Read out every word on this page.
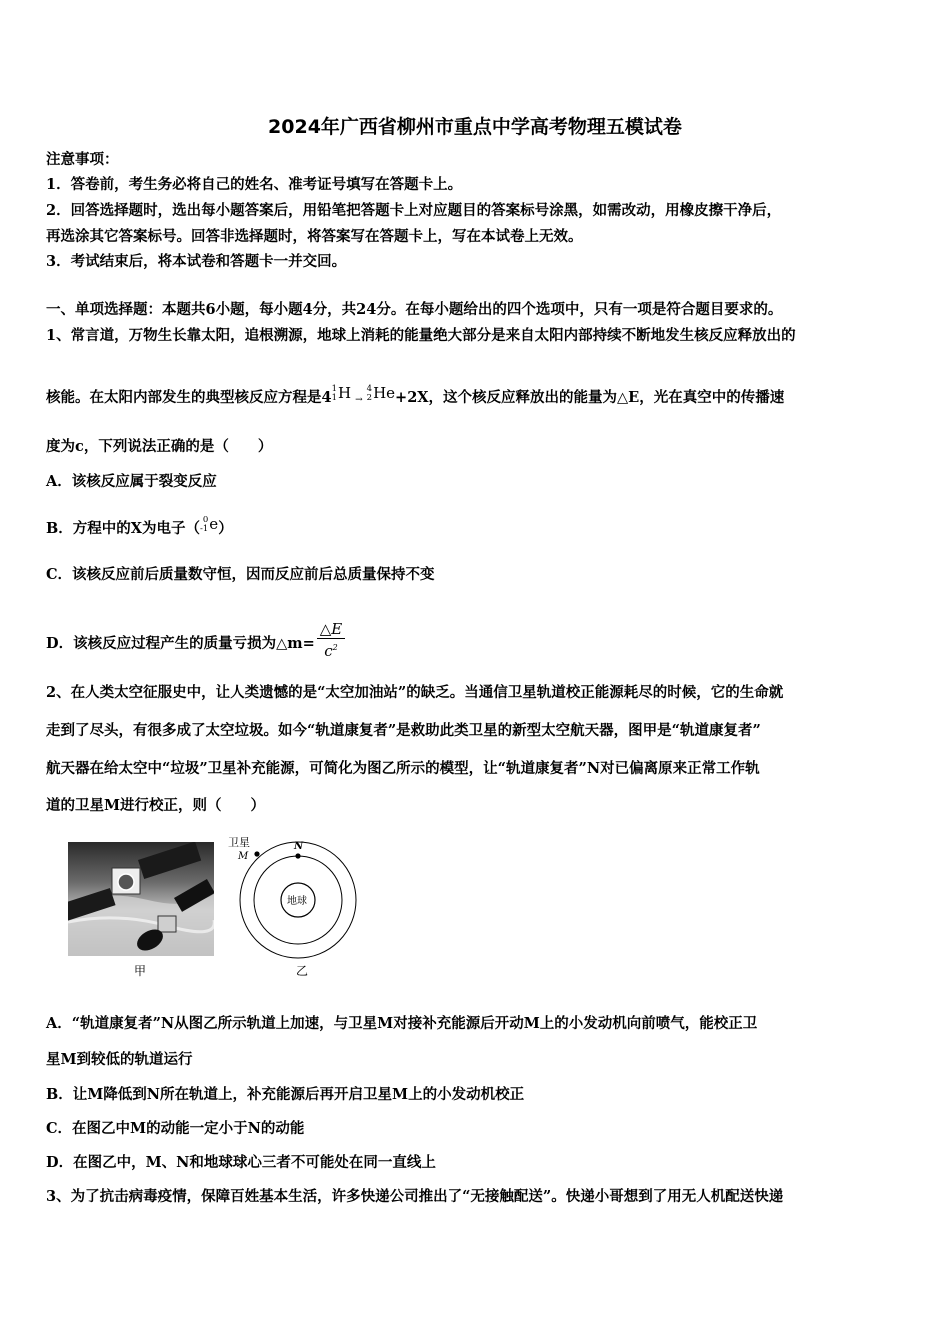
2024年广西省柳州市重点中学高考物理五模试卷
注意事项：
1．答卷前，考生务必将自己的姓名、准考证号填写在答题卡上。
2．回答选择题时，选出每小题答案后，用铅笔把答题卡上对应题目的答案标号涂黑，如需改动，用橡皮擦干净后，
再选涂其它答案标号。回答非选择题时，将答案写在答题卡上，写在本试卷上无效。
3．考试结束后，将本试卷和答题卡一并交回。
一、单项选择题：本题共6小题，每小题4分，共24分。在每小题给出的四个选项中，只有一项是符合题目要求的。
1、常言道，万物生长靠太阳，追根溯源，地球上消耗的能量绝大部分是来自太阳内部持续不断地发生核反应释放出的
核能。在太阳内部发生的典型核反应方程是4 1
1 H →
4
2 He+2X，这个核反应释放出的能量为△E，光在真空中的传播速
度为c，下列说法正确的是（　　）
A．该核反应属于裂变反应
B．方程中的X为电子（ 0
-1 e）
C．该核反应前后质量数守恒，因而反应前后总质量保持不变
D．该核反应过程产生的质量亏损为△m= $\frac{\triangle E}{c^2}$
2、在人类太空征服史中，让人类遗憾的是“太空加油站”的缺乏。当通信卫星轨道校正能源耗尽的时候，它的生命就
走到了尽头，有很多成了太空垃圾。如今“轨道康复者”是救助此类卫星的新型太空航天器，图甲是“轨道康复者”
航天器在给太空中“垃圾”卫星补充能源，可简化为图乙所示的模型，让“轨道康复者”N对已偏离原来正常工作轨
道的卫星M进行校正，则（　　）
甲
卫星
M
N
地球
乙
A．“轨道康复者”N从图乙所示轨道上加速，与卫星M对接补充能源后开动M上的小发动机向前喷气，能校正卫
星M到较低的轨道运行
B．让M降低到N所在轨道上，补充能源后再开启卫星M上的小发动机校正
C．在图乙中M的动能一定小于N的动能
D．在图乙中，M、N和地球球心三者不可能处在同一直线上
3、为了抗击病毒疫情，保障百姓基本生活，许多快递公司推出了“无接触配送”。快递小哥想到了用无人机配送快递
